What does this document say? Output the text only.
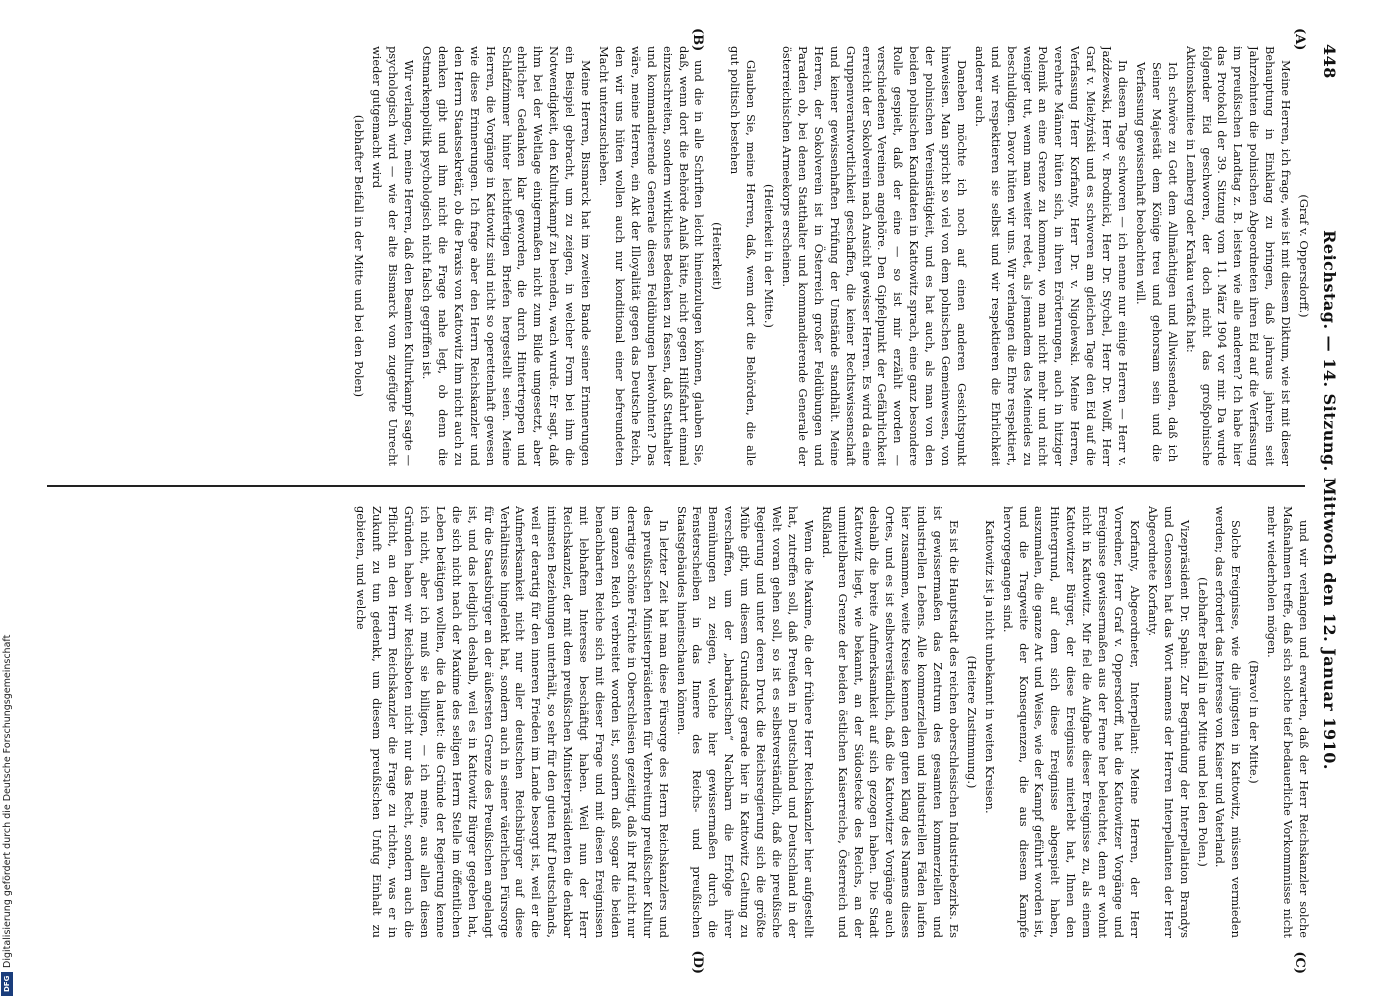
448
Reichstag. — 14. Sitzung. Mittwoch den 12. Januar 1910.
(A)
(B)
(C)
(D)

(Graf v. Oppersdorff.)

Meine Herren, ich frage, wie ist mit diesem Diktum, wie ist mit dieser Behauptung in Einklang zu bringen, daß jahraus jahrein seit Jahrzehnten die polnischen Abgeordneten ihren Eid auf die Verfassung im preußischen Landtag z. B. leisten wie alle anderen? Ich habe hier das Protokoll der 39. Sitzung vom 11. März 1904 vor mir. Da wurde folgender Eid geschworen, der doch nicht das großpolnische Aktionskomitee in Lemberg oder Krakau verfaßt hat:

Ich schwöre zu Gott dem Allmächtigen und Allwissenden, daß ich Seiner Majestät dem Könige treu und gehorsam sein und die Verfassung gewissenhaft beobachten will.

In diesem Tage schworen — ich nenne nur einige Herren — Herr v. Jaźdzewski, Herr v. Brodnicki, Herr Dr. Stychel, Herr Dr. Wolff, Herr Graf v. Mielżyński und es schworen am gleichen Tage den Eid auf die Verfassung Herr Korfanty, Herr Dr. v. Nigolewski. Meine Herren, verehrte Männer hüten sich, in ihren Erörterungen, auch in hitziger Polemik an eine Grenze zu kommen, wo man nicht mehr und nicht weniger tut, wenn man weiter redet, als jemandem des Meineides zu beschuldigen. Davor hüten wir uns. Wir verlangen die Ehre respektiert, und wir respektieren sie selbst und wir respektieren die Ehrlichkeit anderer auch.

Daneben möchte ich noch auf einen anderen Gesichtspunkt hinweisen. Man spricht so viel von dem polnischen Gemeinwesen, von der polnischen Vereinstätigkeit, und es hat auch, als man von den beiden polnischen Kandidaten in Kattowitz sprach, eine ganz besondere Rolle gespielt, daß der eine — so ist mir erzählt worden — verschiedenen Vereinen angehöre. Den Gipfelpunkt der Gefährlichkeit erreicht der Sokolverein nach Ansicht gewisser Herren. Es wird da eine Gruppenverantwortlichkeit geschaffen, die keiner Rechtswissenschaft und keiner gewissenhaften Prüfung der Umstände standhält. Meine Herren, der Sokolverein ist in Österreich großer Feldübungen und Paraden ob, bei denen Statthalter und kommandierende Generale der österreichischen Armeekorps erscheinen.

(Heiterkeit in der Mitte.)

Glauben Sie, meine Herren, daß, wenn dort die Behörden, die alle gut politisch bestehen

(Heiterkeit)

und die in alle Schriften leicht hineinzulugen können, glauben Sie, daß, wenn dort die Behörde Anlaß hätte, nicht gegen Hilfsfahrt einmal einzuschreiten, sondern wirkliches Bedenken zu fassen, daß Statthalter und kommandierende Generale diesen Feldübungen beiwohnten? Das wäre, meine Herren, ein Akt der Illoyalität gegen das Deutsche Reich, den wir uns hüten wollen auch nur konditional einer befreundeten Macht unterzuschieben.

Meine Herren, Bismarck hat im zweiten Bande seiner Erinnerungen ein Beispiel gebracht, um zu zeigen, in welcher Form bei ihm die Notwendigkeit, den Kulturkampf zu beenden, wach wurde. Er sagt, daß ihm bei der Weltlage einigermaßen nicht zum Bilde umgesetzt, aber ehrlicher Gedanken klar geworden, die durch Hintertreppen und Schlafzimmer hinter leichtfertigen Briefen hergestellt seien. Meine Herren, die Vorgänge in Kattowitz sind nicht so operettenhaft gewesen wie diese Erinnerungen. Ich frage aber den Herrn Reichskanzler und den Herrn Staatssekretär, ob die Praxis von Kattowitz ihm nicht auch zu denken gibt und ihm nicht die Frage nahe legt, ob denn die Ostmarkenpolitik psychologisch nicht falsch gegriffen ist.

Wir verlangen, meine Herren, daß den Beamten Kulturkampf sagte — psychologisch wird — wie der alte Bismarck vom zugefügte Unrecht wieder gutgemacht wird

(lebhafter Beifall in der Mitte und bei den Polen)

und wir verlangen und erwarten, daß der Herr Reichskanzler solche Maßnahmen treffe, daß sich solche tief bedauerliche Vorkommnisse nicht mehr wiederholen mögen.

(Bravo! in der Mitte.)

Solche Ereignisse, wie die jüngsten in Kattowitz, müssen vermieden werden; das erfordert das Interesse von Kaiser und Vaterland.

(Lebhafter Beifall in der Mitte und bei den Polen.)

Vizepräsident Dr. Spahn: Zur Begründung der Interpellation Brandys und Genossen hat das Wort namens der Herren Interpellanten der Herr Abgeordnete Korfanty.

Korfanty, Abgeordneter, Interpellant: Meine Herren, der Herr Vorredner, Herr Graf v. Oppersdorff, hat die Kattowitzer Vorgänge und Ereignisse gewissermaßen aus der Ferne her beleuchtet, denn er wohnt nicht in Kattowitz. Mir fiel die Aufgabe dieser Ereignisse zu, als einem Kattowitzer Bürger, der diese Ereignisse miterlebt hat, Ihnen den Hintergrund, auf dem sich diese Ereignisse abgespielt haben, auszumalen, die ganze Art und Weise, wie der Kampf geführt worden ist, und die Tragweite der Konsequenzen, die aus diesem Kampfe hervorgegangen sind.

Kattowitz ist ja nicht unbekannt in weiten Kreisen.

(Heitere Zustimmung.)

Es ist die Hauptstadt des reichen oberschlesischen Industriebezirks. Es ist gewissermaßen das Zentrum des gesamten kommerziellen und industriellen Lebens. Alle kommerziellen und industriellen Fäden laufen hier zusammen, weite Kreise kennen den guten Klang des Namens dieses Ortes, und es ist selbstverständlich, daß die Kattowitzer Vorgänge auch deshalb die breite Aufmerksamkeit auf sich gezogen haben. Die Stadt Kattowitz liegt, wie bekannt, an der Südostecke des Reichs, an der unmittelbaren Grenze der beiden östlichen Kaiserreiche, Österreich und Rußland.

Wenn die Maxime, die der frühere Herr Reichskanzler hier aufgestellt hat, zutreffen soll, daß Preußen in Deutschland und Deutschland in der Welt voran gehen soll, so ist es selbstverständlich, daß die preußische Regierung und unter deren Druck die Reichsregierung sich die größte Mühe gibt, um diesem Grundsatz gerade hier in Kattowitz Geltung zu verschaffen, um der „barbarischen“ Nachbarn die Erfolge ihrer Bemühungen zu zeigen, welche hier gewissermaßen durch die Fensterscheiben in das Innere des Reichs- und preußischen Staatsgebäudes hineinschauen können.

In letzter Zeit hat man diese Fürsorge des Herrn Reichskanzlers und des preußischen Ministerpräsidenten für Verbreitung preußischer Kultur derartige schöne Früchte in Oberschlesien gezeitigt, daß ihr Ruf nicht nur im ganzen Reich verbreitet worden ist, sondern daß sogar die beiden benachbarten Reiche sich mit dieser Frage und mit diesen Ereignissen mit lebhaftem Interesse beschäftigt haben. Weil nun der Herr Reichskanzler, der mit dem preußischen Ministerpräsidenten die denkbar intimsten Beziehungen unterhält, so sehr für den guten Ruf Deutschlands, weil er derartig für den inneren Frieden im Lande besorgt ist, weil er die Aufmerksamkeit nicht nur aller deutschen Reichsbürger auf diese Verhältnisse hingelenkt hat, sondern auch in seiner väterlichen Fürsorge für die Staatsbürger an der äußersten Grenze des Preußischen angelangt ist, und das lediglich deshalb, weil es in Kattowitz Bürger gegeben hat, die sich nicht nach der Maxime des seligen Herrn Stelle im öffentlichen Leben betätigen wollten, die da lautet: die Gründe der Regierung kenne ich nicht, aber ich muß sie billigen, — ich meine, aus allen diesen Gründen haben wir Reichsboten nicht nur das Recht, sondern auch die Pflicht, an den Herrn Reichskanzler die Frage zu richten, was er in Zukunft zu tun gedenkt, um diesem preußischen Unfug Einhalt zu gebieten, und welche

Digitalisierung gefördert durch die Deutsche Forschungsgemeinschaft
DFG
